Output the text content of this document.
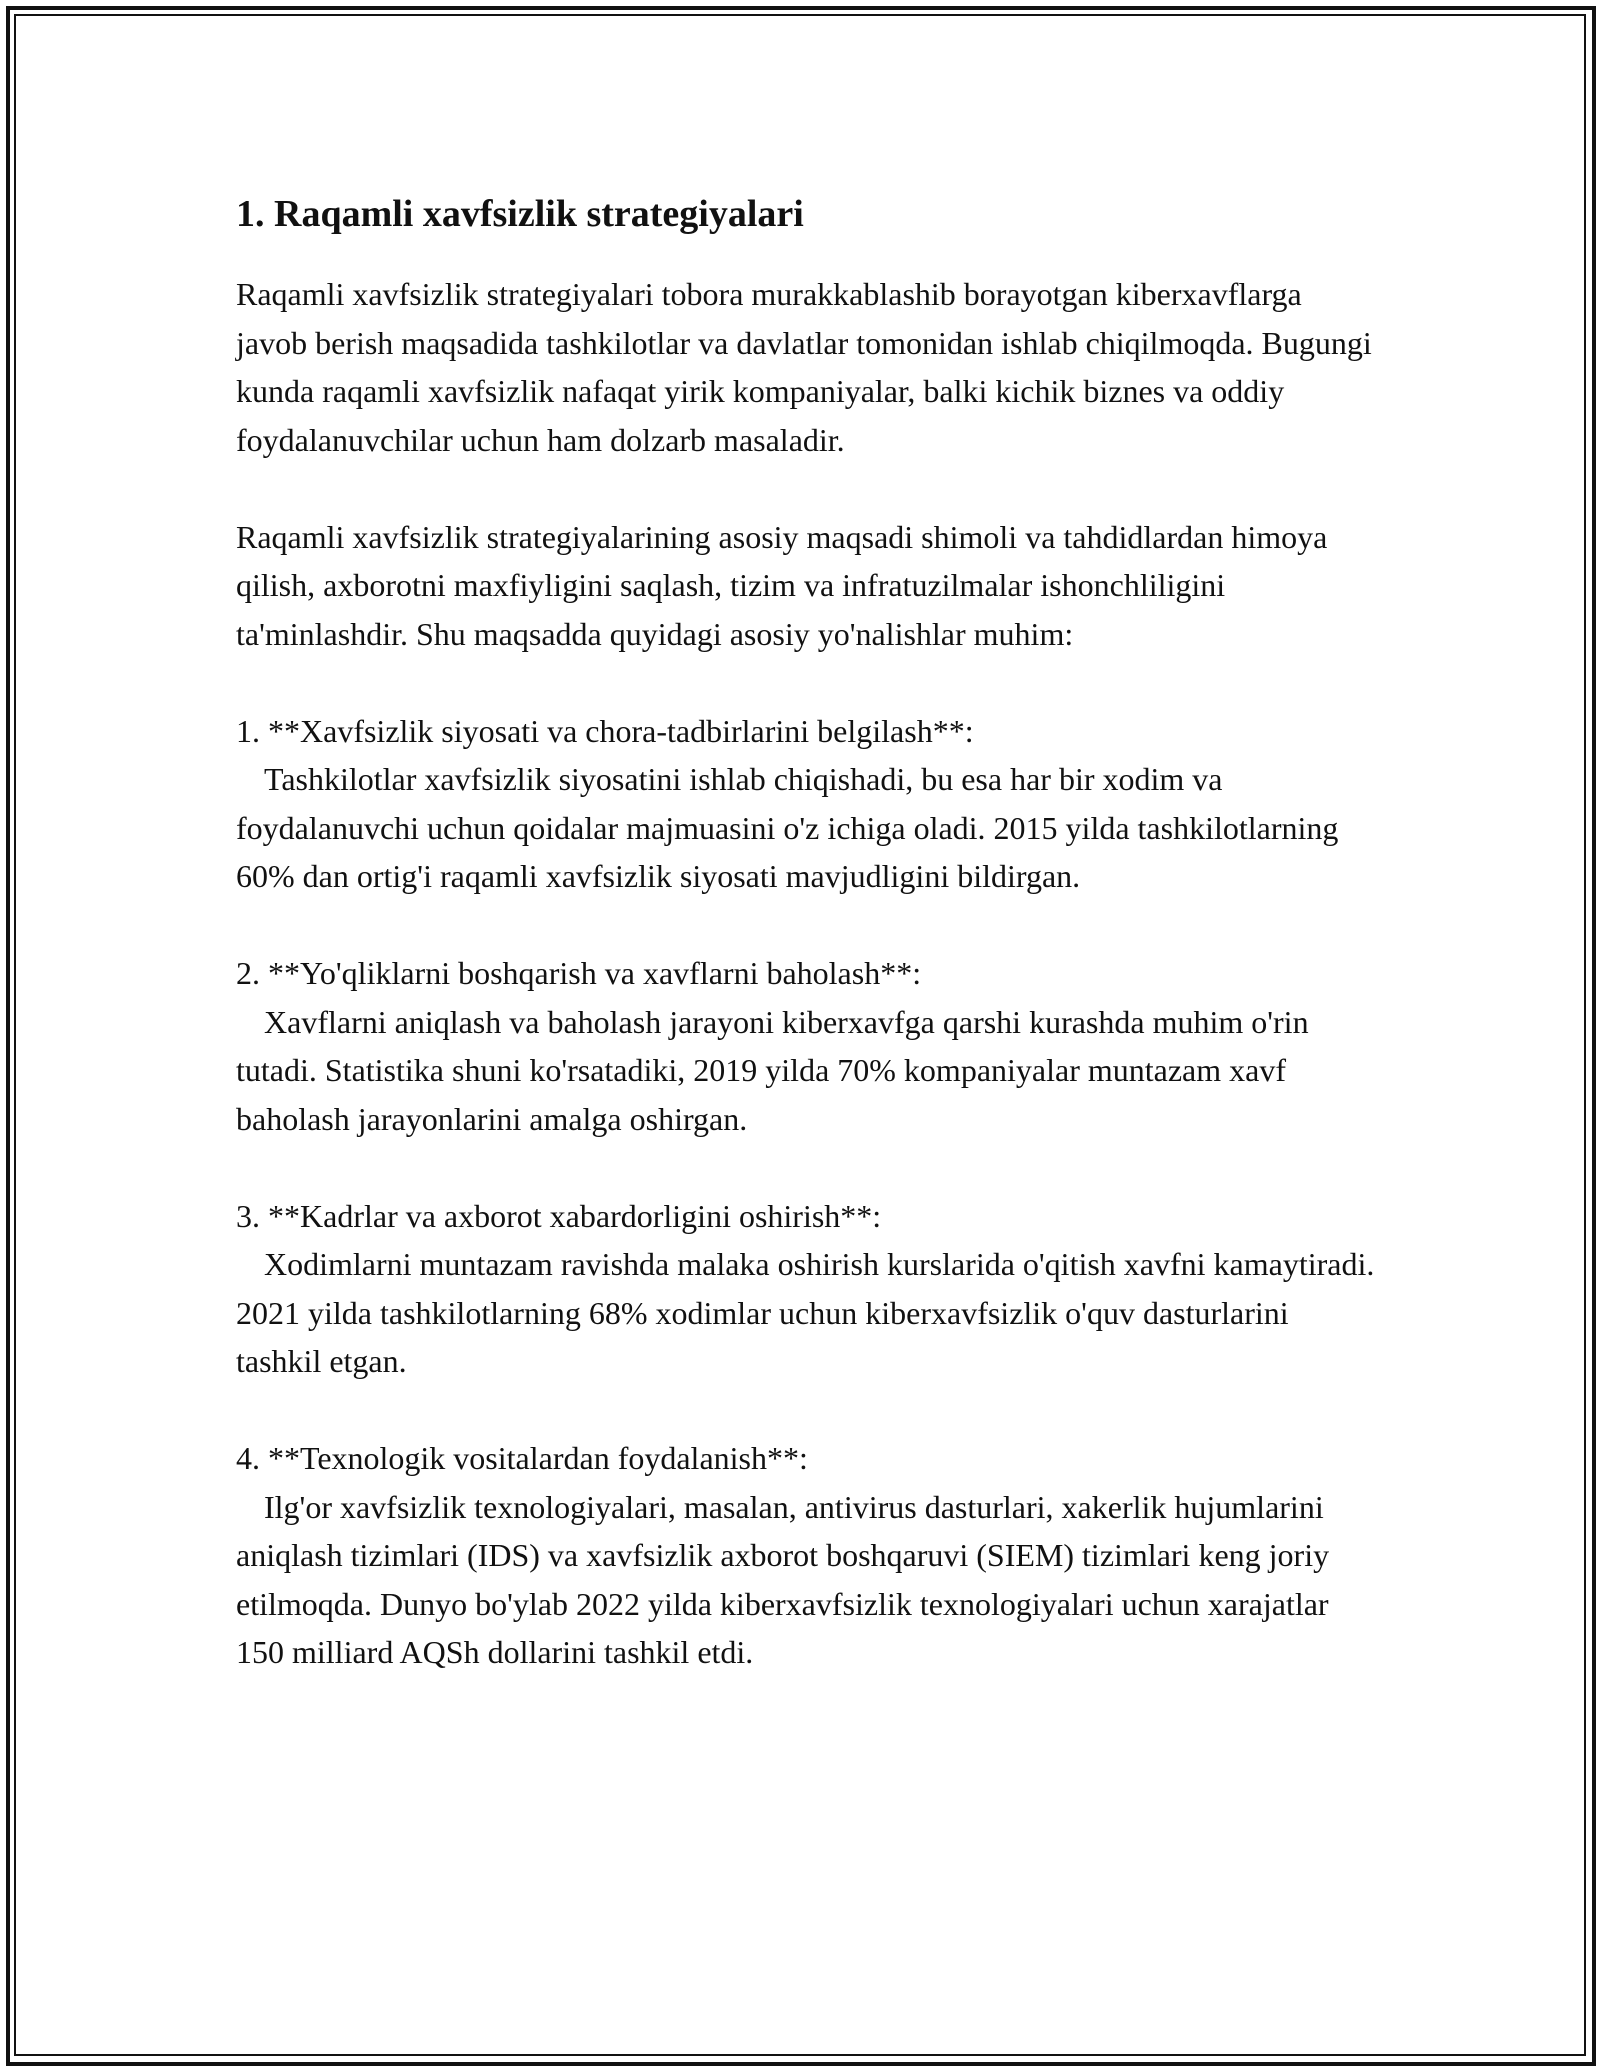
1. Raqamli xavfsizlik strategiyalari

Raqamli xavfsizlik strategiyalari tobora murakkablashib borayotgan kiberxavflarga javob berish maqsadida tashkilotlar va davlatlar tomonidan ishlab chiqilmoqda. Bugungi kunda raqamli xavfsizlik nafaqat yirik kompaniyalar, balki kichik biznes va oddiy foydalanuvchilar uchun ham dolzarb masaladir.

Raqamli xavfsizlik strategiyalarining asosiy maqsadi shimoli va tahdidlardan himoya qilish, axborotni maxfiyligini saqlash, tizim va infratuzilmalar ishonchliligini ta'minlashdir. Shu maqsadda quyidagi asosiy yo'nalishlar muhim:

1. **Xavfsizlik siyosati va chora-tadbirlarini belgilash**:

Tashkilotlar xavfsizlik siyosatini ishlab chiqishadi, bu esa har bir xodim va foydalanuvchi uchun qoidalar majmuasini o'z ichiga oladi. 2015 yilda tashkilotlarning 60% dan ortig'i raqamli xavfsizlik siyosati mavjudligini bildirgan.

2. **Yo'qliklarni boshqarish va xavflarni baholash**:

Xavflarni aniqlash va baholash jarayoni kiberxavfga qarshi kurashda muhim o'rin tutadi. Statistika shuni ko'rsatadiki, 2019 yilda 70% kompaniyalar muntazam xavf baholash jarayonlarini amalga oshirgan.

3. **Kadrlar va axborot xabardorligini oshirish**:

Xodimlarni muntazam ravishda malaka oshirish kurslarida o'qitish xavfni kamaytiradi. 2021 yilda tashkilotlarning 68% xodimlar uchun kiberxavfsizlik o'quv dasturlarini tashkil etgan.

4. **Texnologik vositalardan foydalanish**:

Ilg'or xavfsizlik texnologiyalari, masalan, antivirus dasturlari, xakerlik hujumlarini aniqlash tizimlari (IDS) va xavfsizlik axborot boshqaruvi (SIEM) tizimlari keng joriy etilmoqda. Dunyo bo'ylab 2022 yilda kiberxavfsizlik texnologiyalari uchun xarajatlar 150 milliard AQSh dollarini tashkil etdi.
